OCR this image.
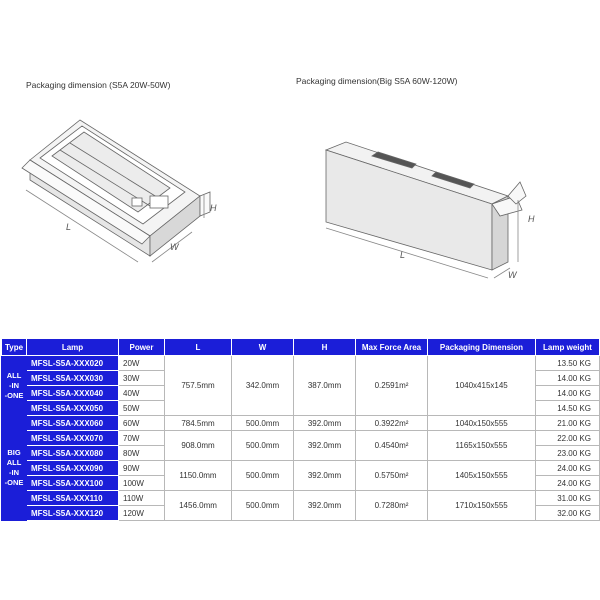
Packaging dimension (S5A 20W-50W)	Packaging dimension(Big S5A 60W-120W)
L
W
H
L
W
H
Type	Lamp	Power	L	W	H	Max Force Area	Packaging Dimension	Lamp weight

ALL
-IN
-ONE	MFSL-S5A-XXX020	20W	757.5mm	342.0mm	387.0mm	0.2591m²	1040x415x145	13.50 KG
	MFSL-S5A-XXX030	30W						14.00 KG
	MFSL-S5A-XXX040	40W						14.00 KG
	MFSL-S5A-XXX050	50W						14.50 KG

BIG
ALL
-IN
-ONE	MFSL-S5A-XXX060	60W	784.5mm	500.0mm	392.0mm	0.3922m²	1040x150x555	21.00 KG
	MFSL-S5A-XXX070	70W	908.0mm	500.0mm	392.0mm	0.4540m²	1165x150x555	22.00 KG
	MFSL-S5A-XXX080	80W						23.00 KG
	MFSL-S5A-XXX090	90W	1150.0mm	500.0mm	392.0mm	0.5750m²	1405x150x555	24.00 KG
	MFSL-S5A-XXX100	100W						24.00 KG
	MFSL-S5A-XXX110	110W	1456.0mm	500.0mm	392.0mm	0.7280m²	1710x150x555	31.00 KG
	MFSL-S5A-XXX120	120W						32.00 KG
